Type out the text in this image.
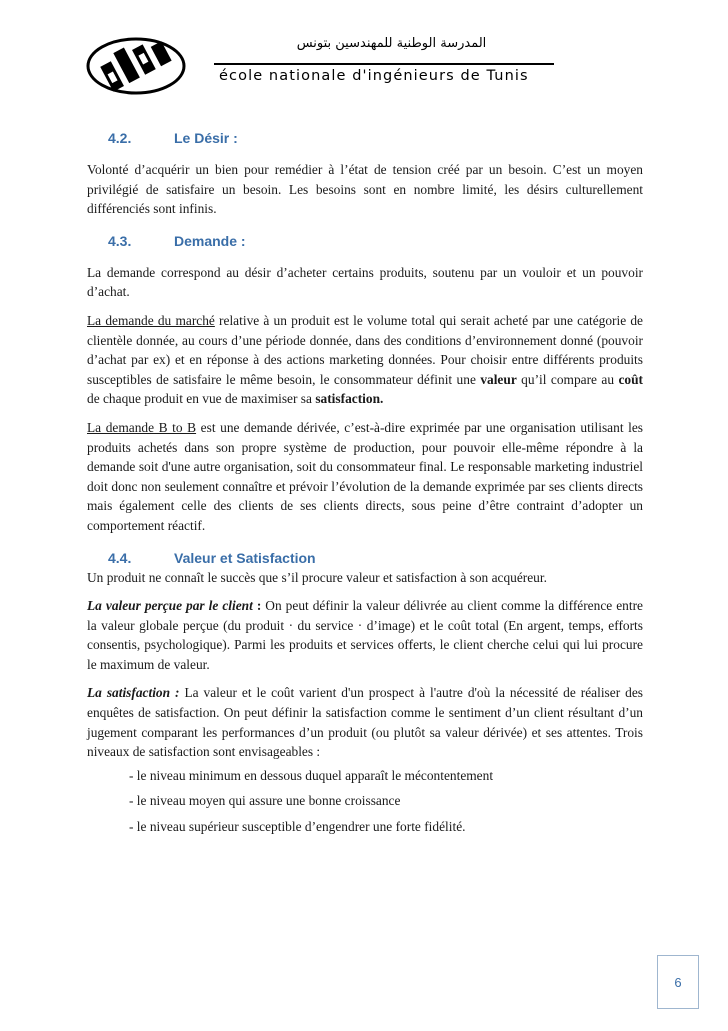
المدرسة الوطنية للمهندسين بتونس
école nationale d'ingénieurs de Tunis
4.2.	Le Désir :

Volonté d’acquérir un bien pour remédier à l’état de tension créé par un besoin. C’est un moyen privilégié de satisfaire un besoin. Les besoins sont en nombre limité, les désirs culturellement différenciés sont infinis.

4.3.	Demande :

La demande correspond au désir d’acheter certains produits, soutenu par un vouloir et un pouvoir d’achat.

La demande du marché relative à un produit est le volume total qui serait acheté par une catégorie de clientèle donnée, au cours d’une période donnée, dans des conditions d’environnement donné (pouvoir d’achat par ex) et en réponse à des actions marketing données. Pour choisir entre différents produits susceptibles de satisfaire le même besoin, le consommateur définit une valeur qu’il compare au coût de chaque produit en vue de maximiser sa satisfaction.

La demande B to B est une demande dérivée, c’est-à-dire exprimée par une organisation utilisant les produits achetés dans son propre système de production, pour pouvoir elle-même répondre à la demande soit d'une autre organisation, soit du consommateur final. Le responsable marketing industriel doit donc non seulement connaître et prévoir l’évolution de la demande exprimée par ses clients directs mais également celle des clients de ses clients directs, sous peine d’être contraint d’adopter un comportement réactif.

4.4.	Valeur et Satisfaction

Un produit ne connaît le succès que s’il procure valeur et satisfaction à son acquéreur.

La valeur perçue par le client : On peut définir la valeur délivrée au client comme la différence entre la valeur globale perçue (du produit · du service · d’image) et le coût total (En argent, temps, efforts consentis, psychologique). Parmi les produits et services offerts, le client cherche celui qui lui procure le maximum de valeur.

La satisfaction : La valeur et le coût varient d'un prospect à l'autre d'où la nécessité de réaliser des enquêtes de satisfaction. On peut définir la satisfaction comme le sentiment d’un client résultant d’un jugement comparant les performances d’un produit (ou plutôt sa valeur dérivée) et ses attentes. Trois niveaux de satisfaction sont envisageables :

- le niveau minimum en dessous duquel apparaît le mécontentement
- le niveau moyen qui assure une bonne croissance
- le niveau supérieur susceptible d’engendrer une forte fidélité.
6
